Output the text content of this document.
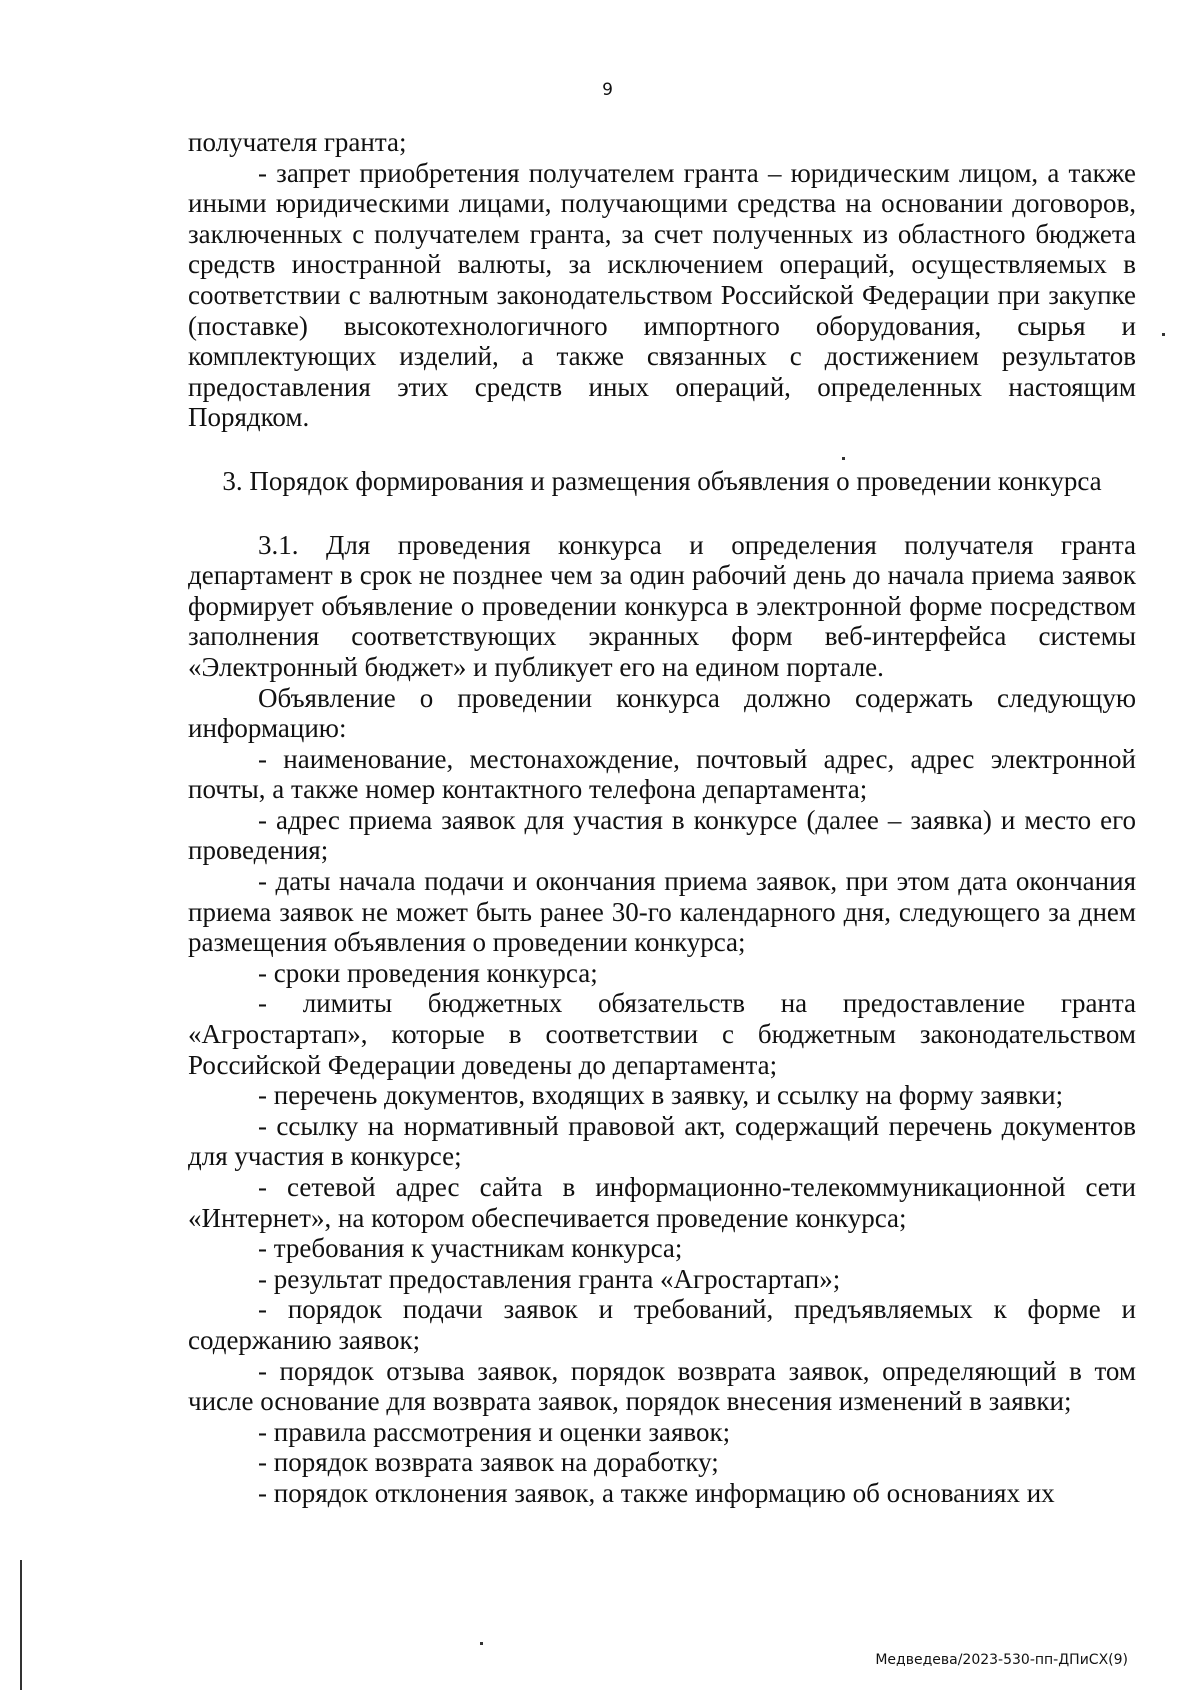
9

получателя гранта;

- запрет приобретения получателем гранта – юридическим лицом, а также иными юридическими лицами, получающими средства на основании договоров, заключенных с получателем гранта, за счет полученных из областного бюджета средств иностранной валюты, за исключением операций, осуществляемых в соответствии с валютным законодательством Российской Федерации при закупке (поставке) высокотехнологичного импортного оборудования, сырья и комплектующих изделий, а также связанных с достижением результатов предоставления этих средств иных операций, определенных настоящим Порядком.

3. Порядок формирования и размещения объявления о проведении конкурса

3.1. Для проведения конкурса и определения получателя гранта департамент в срок не позднее чем за один рабочий день до начала приема заявок формирует объявление о проведении конкурса в электронной форме посредством заполнения соответствующих экранных форм веб-интерфейса системы «Электронный бюджет» и публикует его на едином портале.

Объявление о проведении конкурса должно содержать следующую информацию:

- наименование, местонахождение, почтовый адрес, адрес электронной почты, а также номер контактного телефона департамента;

- адрес приема заявок для участия в конкурсе (далее – заявка) и место его проведения;

- даты начала подачи и окончания приема заявок, при этом дата окончания приема заявок не может быть ранее 30-го календарного дня, следующего за днем размещения объявления о проведении конкурса;

- сроки проведения конкурса;

- лимиты бюджетных обязательств на предоставление гранта «Агростартап», которые в соответствии с бюджетным законодательством Российской Федерации доведены до департамента;

- перечень документов, входящих в заявку, и ссылку на форму заявки;

- ссылку на нормативный правовой акт, содержащий перечень документов для участия в конкурсе;

- сетевой адрес сайта в информационно-телекоммуникационной сети «Интернет», на котором обеспечивается проведение конкурса;

- требования к участникам конкурса;

- результат предоставления гранта «Агростартап»;

- порядок подачи заявок и требований, предъявляемых к форме и содержанию заявок;

- порядок отзыва заявок, порядок возврата заявок, определяющий в том числе основание для возврата заявок, порядок внесения изменений в заявки;

- правила рассмотрения и оценки заявок;

- порядок возврата заявок на доработку;

- порядок отклонения заявок, а также информацию об основаниях их

Медведева/2023-530-пп-ДПиСХ(9)
